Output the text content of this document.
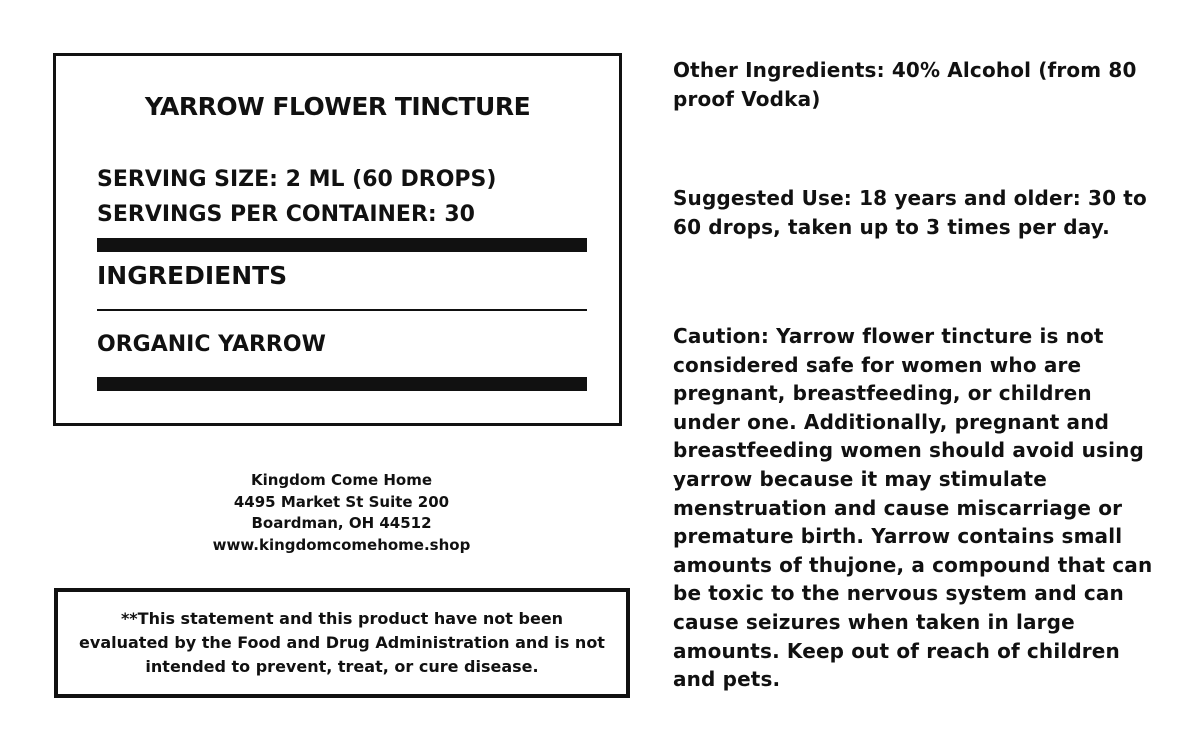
YARROW FLOWER TINCTURE
SERVING SIZE: 2 ML (60 DROPS)
SERVINGS PER CONTAINER: 30
INGREDIENTS
ORGANIC YARROW
Kingdom Come Home
4495 Market St Suite 200
Boardman, OH 44512
www.kingdomcomehome.shop

**This statement and this product have not been evaluated by the Food and Drug Administration and is not intended to prevent, treat, or cure disease.

Other Ingredients: 40% Alcohol (from 80 proof Vodka)

Suggested Use: 18 years and older: 30 to 60 drops, taken up to 3 times per day.

Caution: Yarrow flower tincture is not considered safe for women who are pregnant, breastfeeding, or children under one. Additionally, pregnant and breastfeeding women should avoid using yarrow because it may stimulate menstruation and cause miscarriage or premature birth. Yarrow contains small amounts of thujone, a compound that can be toxic to the nervous system and can cause seizures when taken in large amounts. Keep out of reach of children and pets.
